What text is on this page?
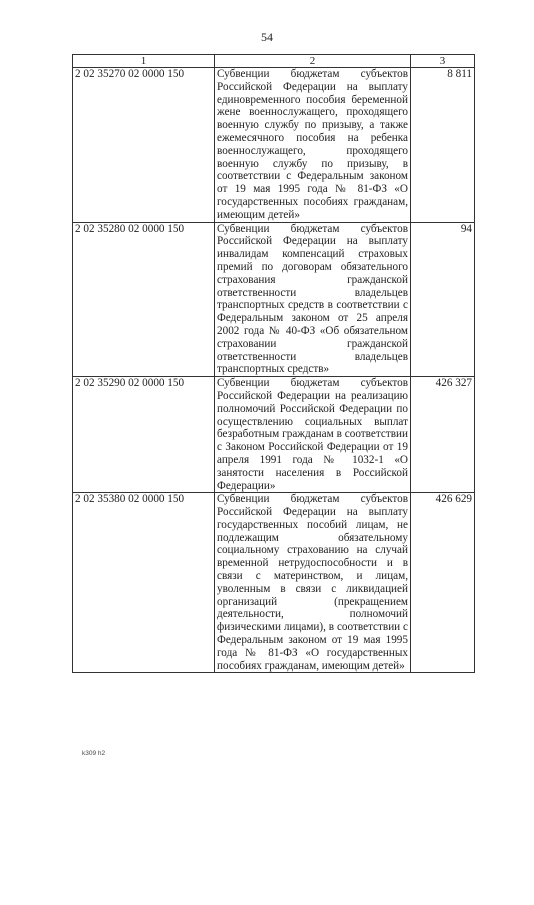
54
1	2	3
2 02 35270 02 0000 150	Субвенции бюджетам субъектов Российской Федерации на выплату единовременного пособия беременной жене военнослужащего, проходящего военную службу по призыву, а также ежемесячного пособия на ребенка военнослужащего, проходящего военную службу по призыву, в соответствии с Федеральным законом от 19 мая 1995 года № 81-ФЗ «О государственных пособиях гражданам, имеющим детей»	8 811
2 02 35280 02 0000 150	Субвенции бюджетам субъектов Российской Федерации на выплату инвалидам компенсаций страховых премий по договорам обязательного страхования гражданской ответственности владельцев транспортных средств в соответствии с Федеральным законом от 25 апреля 2002 года № 40-ФЗ «Об обязательном страховании гражданской ответственности владельцев транспортных средств»	94
2 02 35290 02 0000 150	Субвенции бюджетам субъектов Российской Федерации на реализацию полномочий Российской Федерации по осуществлению социальных выплат безработным гражданам в соответствии с Законом Российской Федерации от 19 апреля 1991 года № 1032-1 «О занятости населения в Российской Федерации»	426 327
2 02 35380 02 0000 150	Субвенции бюджетам субъектов Российской Федерации на выплату государственных пособий лицам, не подлежащим обязательному социальному страхованию на случай временной нетрудоспособности и в связи с материнством, и лицам, уволенным в связи с ликвидацией организаций (прекращением деятельности, полномочий физическими лицами), в соответствии с Федеральным законом от 19 мая 1995 года № 81-ФЗ «О государственных пособиях гражданам, имеющим детей»	426 629
k309 h2
